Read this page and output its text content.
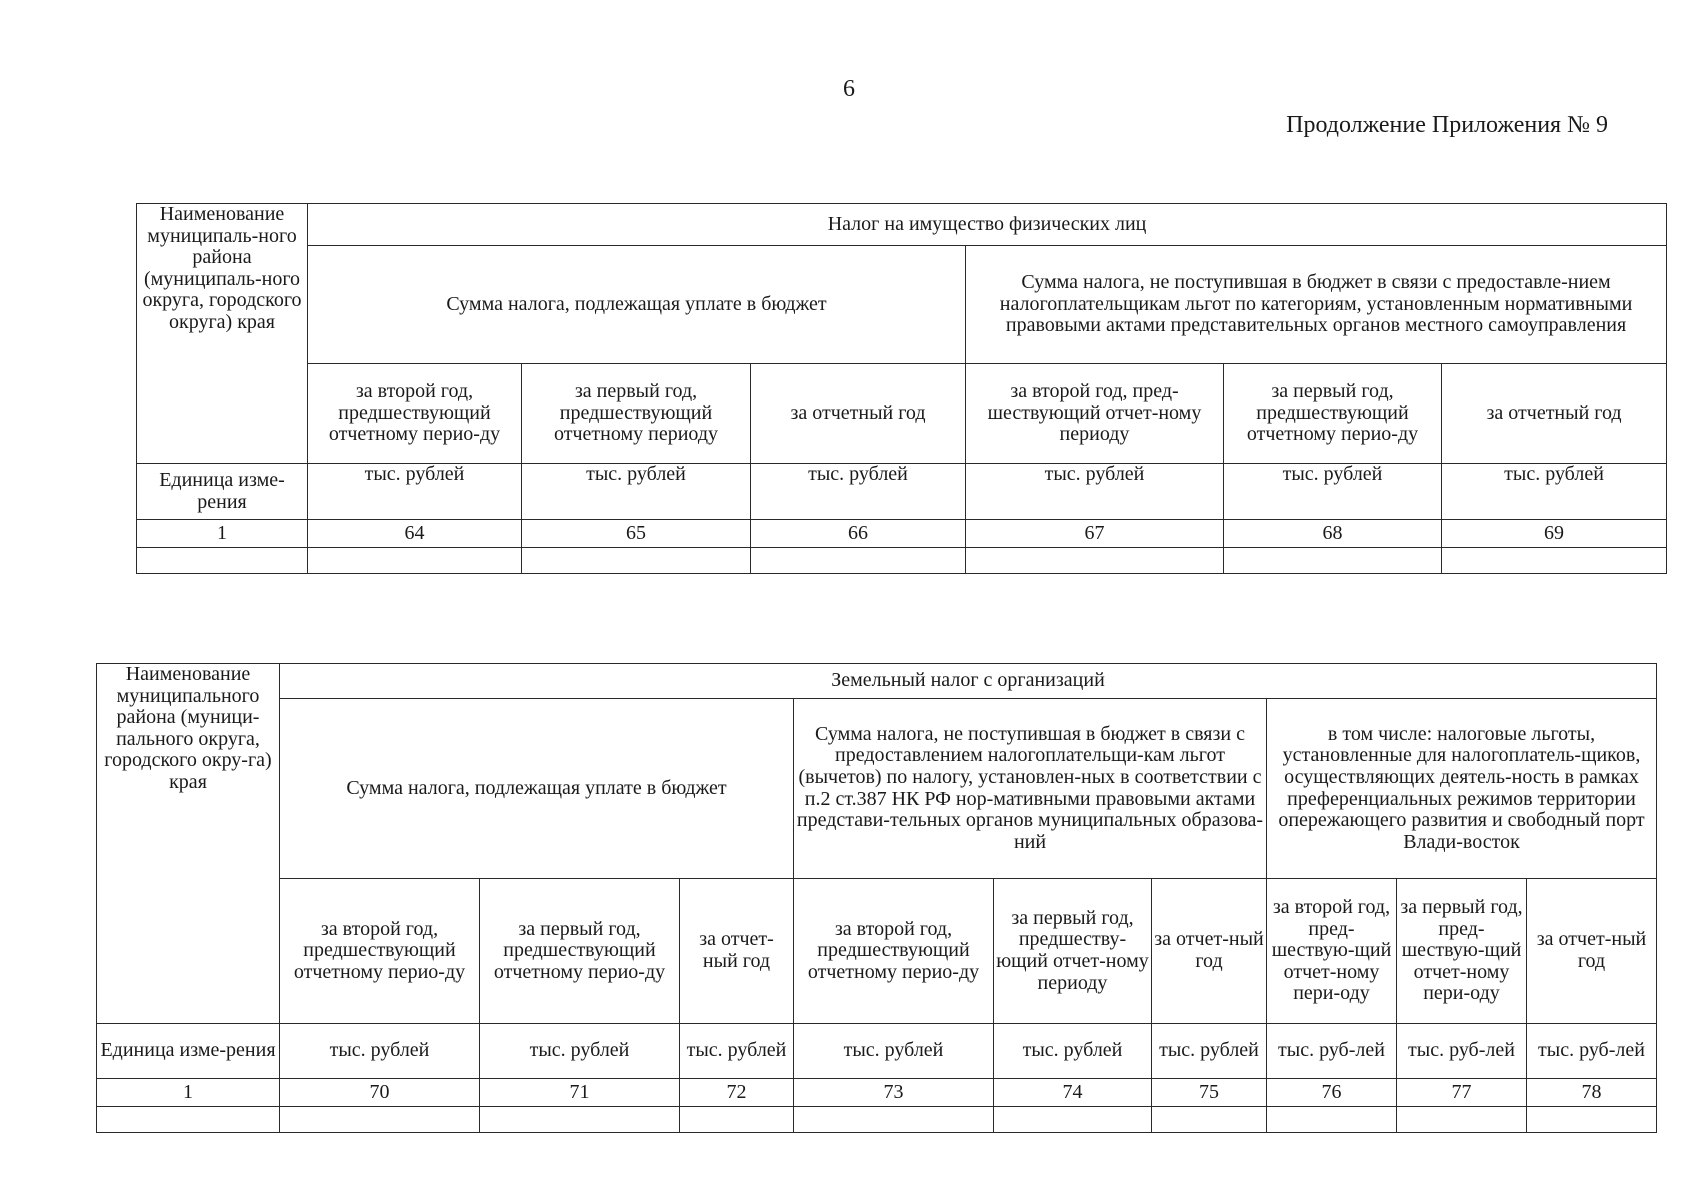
6
Продолжение Приложения № 9
Наименование муниципаль-ного района (муниципаль-ного округа, городского округа) края	Налог на имущество физических лиц					
	Сумма налога, подлежащая уплате в бюджет			Сумма налога, не поступившая в бюджет в связи с предоставле-нием налогоплательщикам льгот по категориям, установленным нормативными правовыми актами представительных органов местного самоуправления		
	за второй год, предшествующий отчетному перио-ду	за первый год, предшествующий отчетному периоду	за отчетный год	за второй год, пред-шествующий отчет-ному периоду	за первый год, предшествующий отчетному перио-ду	за отчетный год
Единица изме-рения	тыс. рублей	тыс. рублей	тыс. рублей	тыс. рублей	тыс. рублей	тыс. рублей
1	64	65	66	67	68	69

Наименование муниципального района (муници-пального округа, городского окру-га) края	Земельный налог с организаций								
	Сумма налога, подлежащая уплате в бюджет			Сумма налога, не поступившая в бюджет в связи с предоставлением налогоплательщи-кам льгот (вычетов) по налогу, установлен-ных в соответствии с п.2 ст.387 НК РФ нор-мативными правовыми актами представи-тельных органов муниципальных образова-ний			в том числе: налоговые льготы, установленные для налогоплатель-щиков, осуществляющих деятель-ность в рамках преференциальных режимов территории опережающего развития и свободный порт Влади-восток		
	за второй год, предшествующий отчетному перио-ду	за первый год, предшествующий отчетному перио-ду	за отчет-ный год	за второй год, предшествующий отчетному перио-ду	за первый год, предшеству-ющий отчет-ному периоду	за отчет-ный год	за второй год, пред-шествую-щий отчет-ному пери-оду	за первый год, пред-шествую-щий отчет-ному пери-оду	за отчет-ный год
Единица изме-рения	тыс. рублей	тыс. рублей	тыс. рублей	тыс. рублей	тыс. рублей	тыс. рублей	тыс. руб-лей	тыс. руб-лей	тыс. руб-лей
1	70	71	72	73	74	75	76	77	78
